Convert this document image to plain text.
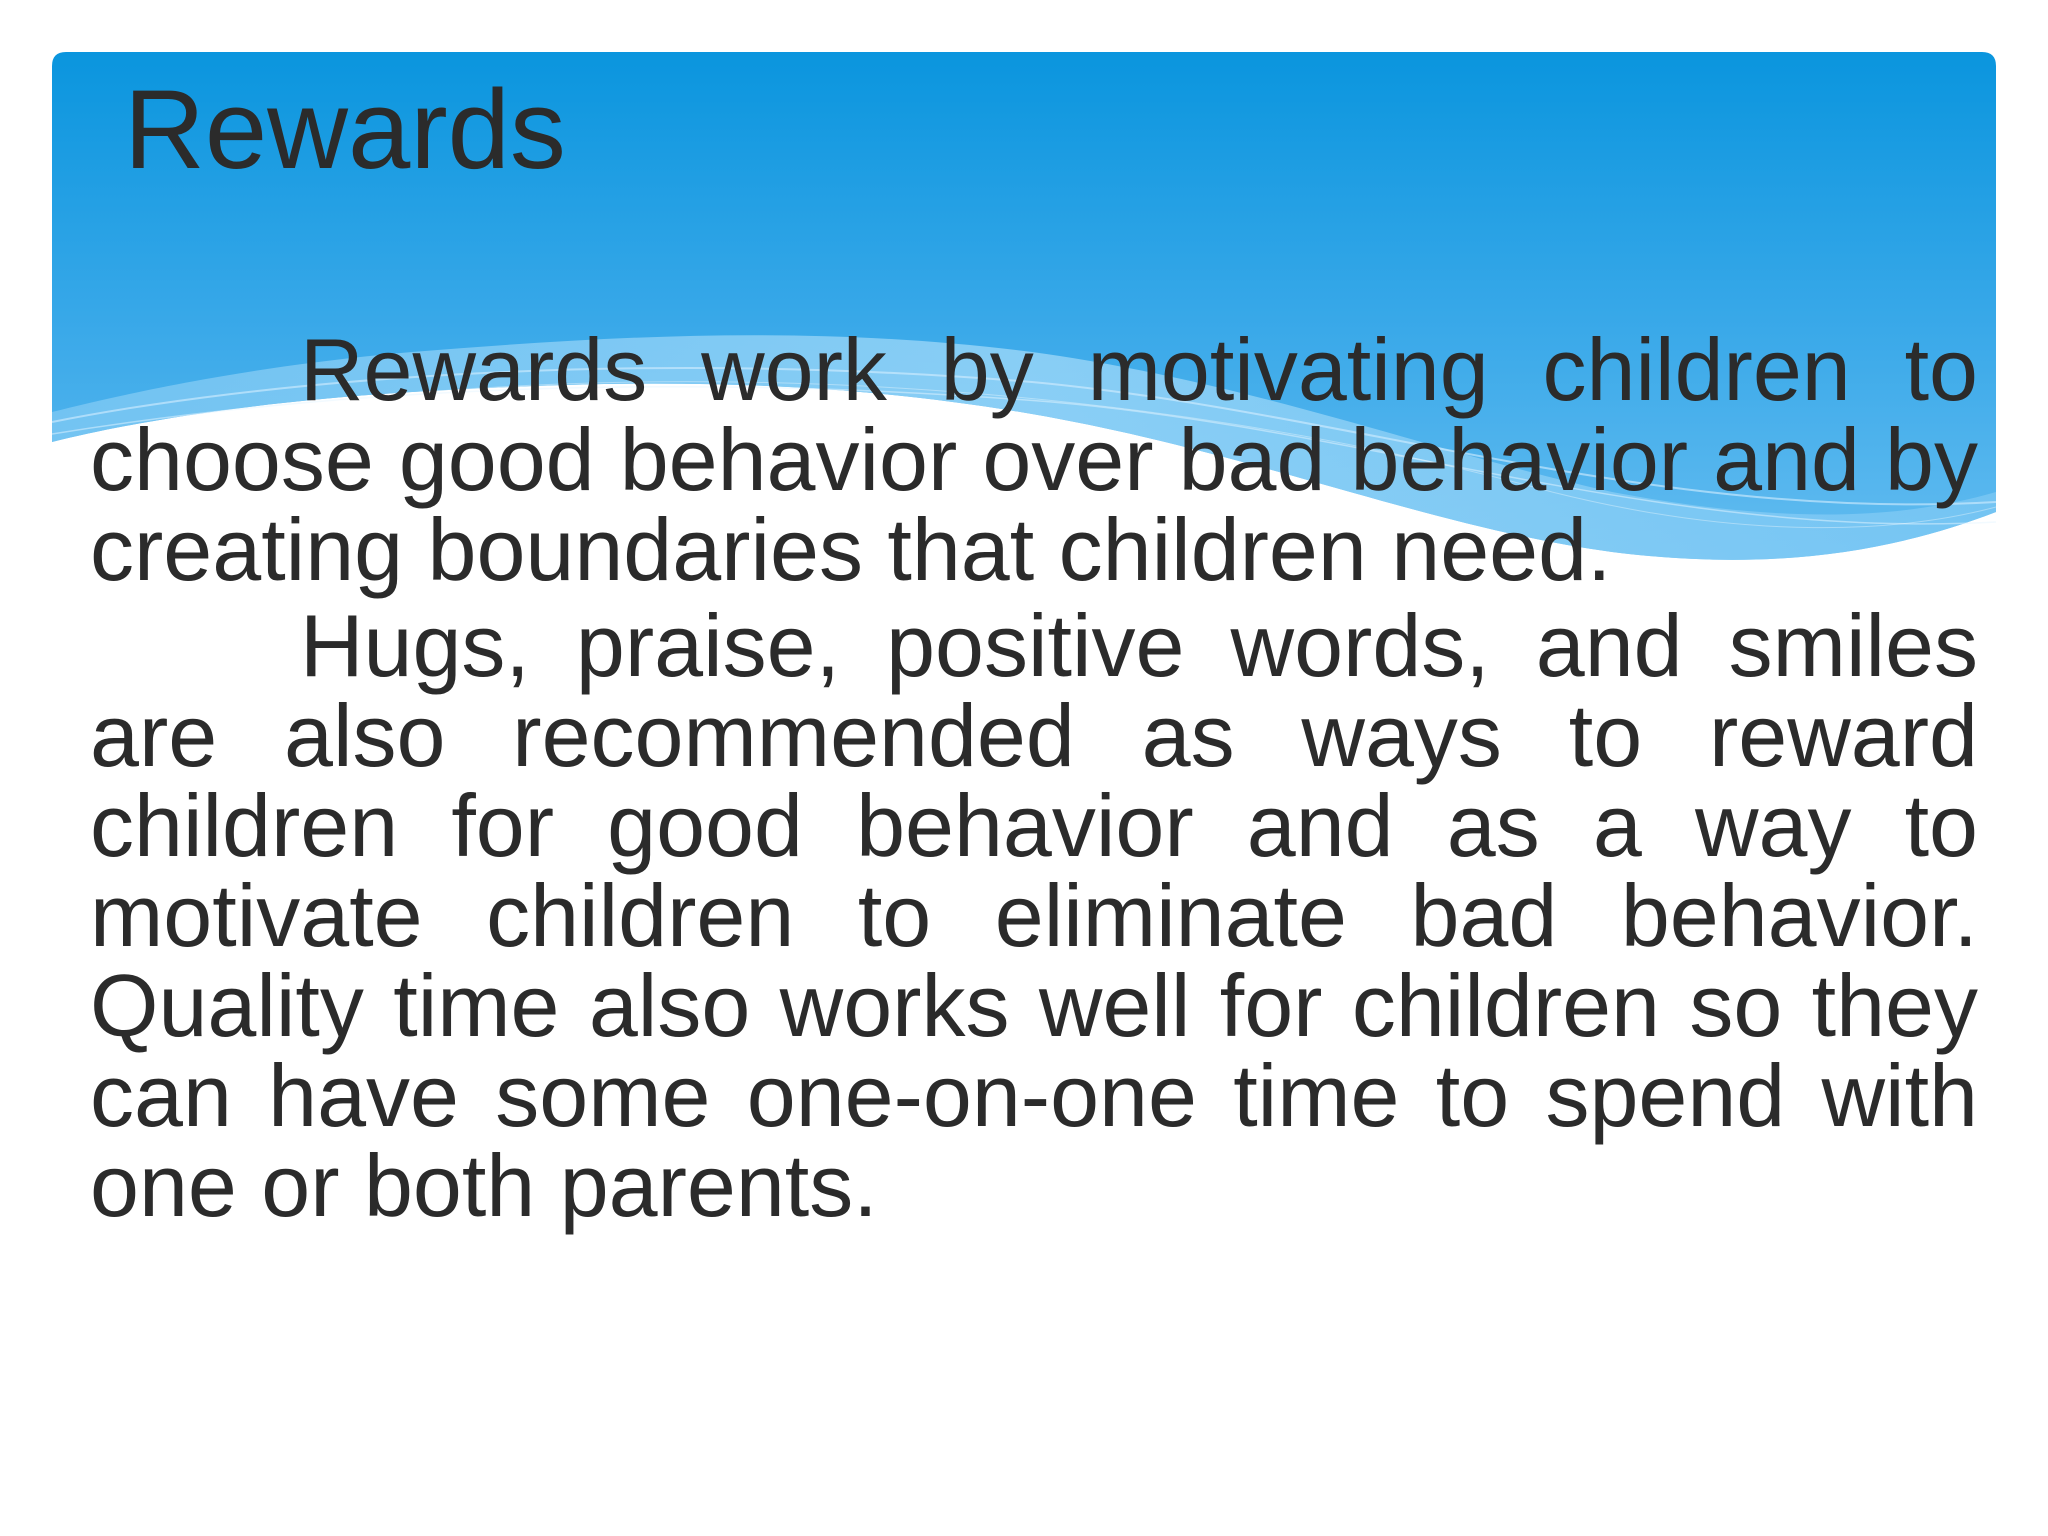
Rewards

Rewards work by motivating children to choose good behavior over bad behavior and by creating boundaries that children need.

Hugs, praise, positive words, and smiles are also recommended as ways to reward children for good behavior and as a way to motivate children to eliminate bad behavior. Quality time also works well for children so they can have some one-on-one time to spend with one or both parents.
